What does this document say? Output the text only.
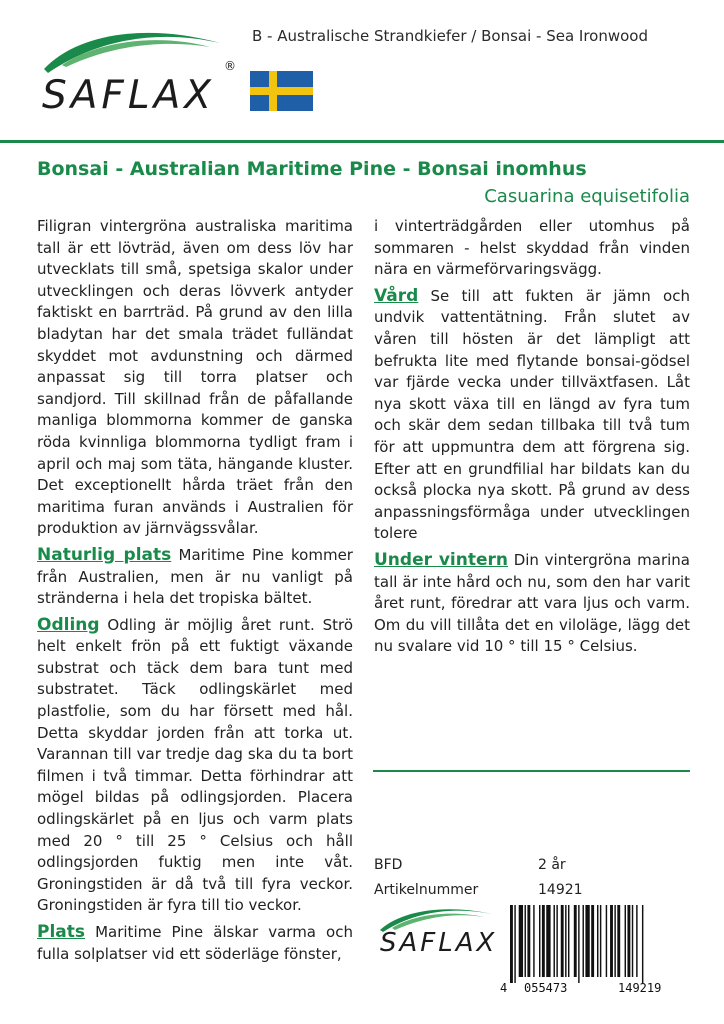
SAFLAX
®
B - Australische Strandkiefer / Bonsai - Sea Ironwood
Bonsai - Australian Maritime Pine - Bonsai inomhus
Casuarina equisetifolia

Filigran vintergröna australiska maritima tall är ett lövträd, även om dess löv har utvecklats till små, spetsiga skalor under utvecklingen och deras lövverk antyder faktiskt en barrträd. På grund av den lilla bladytan har det smala trädet fulländat skyddet mot avdunstning och därmed anpassat sig till torra platser och sandjord. Till skillnad från de påfallande manliga blommorna kommer de ganska röda kvinnliga blommorna tydligt fram i april och maj som täta, hängande kluster. Det exceptionellt hårda träet från den maritima furan används i Australien för produktion av järnvägssvålar.

Naturlig plats Maritime Pine kommer från Australien, men är nu vanligt på stränderna i hela det tropiska bältet.

Odling Odling är möjlig året runt. Strö helt enkelt frön på ett fuktigt växande substrat och täck dem bara tunt med substratet. Täck odlingskärlet med plastfolie, som du har försett med hål. Detta skyddar jorden från att torka ut. Varannan till var tredje dag ska du ta bort filmen i två timmar. Detta förhindrar att mögel bildas på odlingsjorden. Placera odlingskärlet på en ljus och varm plats med 20 ° till 25 ° Celsius och håll odlingsjorden fuktig men inte våt. Groningstiden är då två till fyra veckor. Groningstiden är fyra till tio veckor.

Plats Maritime Pine älskar varma och fulla solplatser vid ett söderläge fönster,

i vinterträdgården eller utomhus på sommaren - helst skyddad från vinden nära en värmeförvaringsvägg.

Vård Se till att fukten är jämn och undvik vattentätning. Från slutet av våren till hösten är det lämpligt att befrukta lite med flytande bonsai-gödsel var fjärde vecka under tillväxtfasen. Låt nya skott växa till en längd av fyra tum och skär dem sedan tillbaka till två tum för att uppmuntra dem att förgrena sig. Efter att en grundfilial har bildats kan du också plocka nya skott. På grund av dess anpassningsförmåga under utvecklingen tolere

Under vintern Din vintergröna marina tall är inte hård och nu, som den har varit året runt, föredrar att vara ljus och varm. Om du vill tillåta det en viloläge, lägg det nu svalare vid 10 ° till 15 ° Celsius.

BFD	2 år
Artikelnummer	14921
SAFLAX
4 055473	149219
